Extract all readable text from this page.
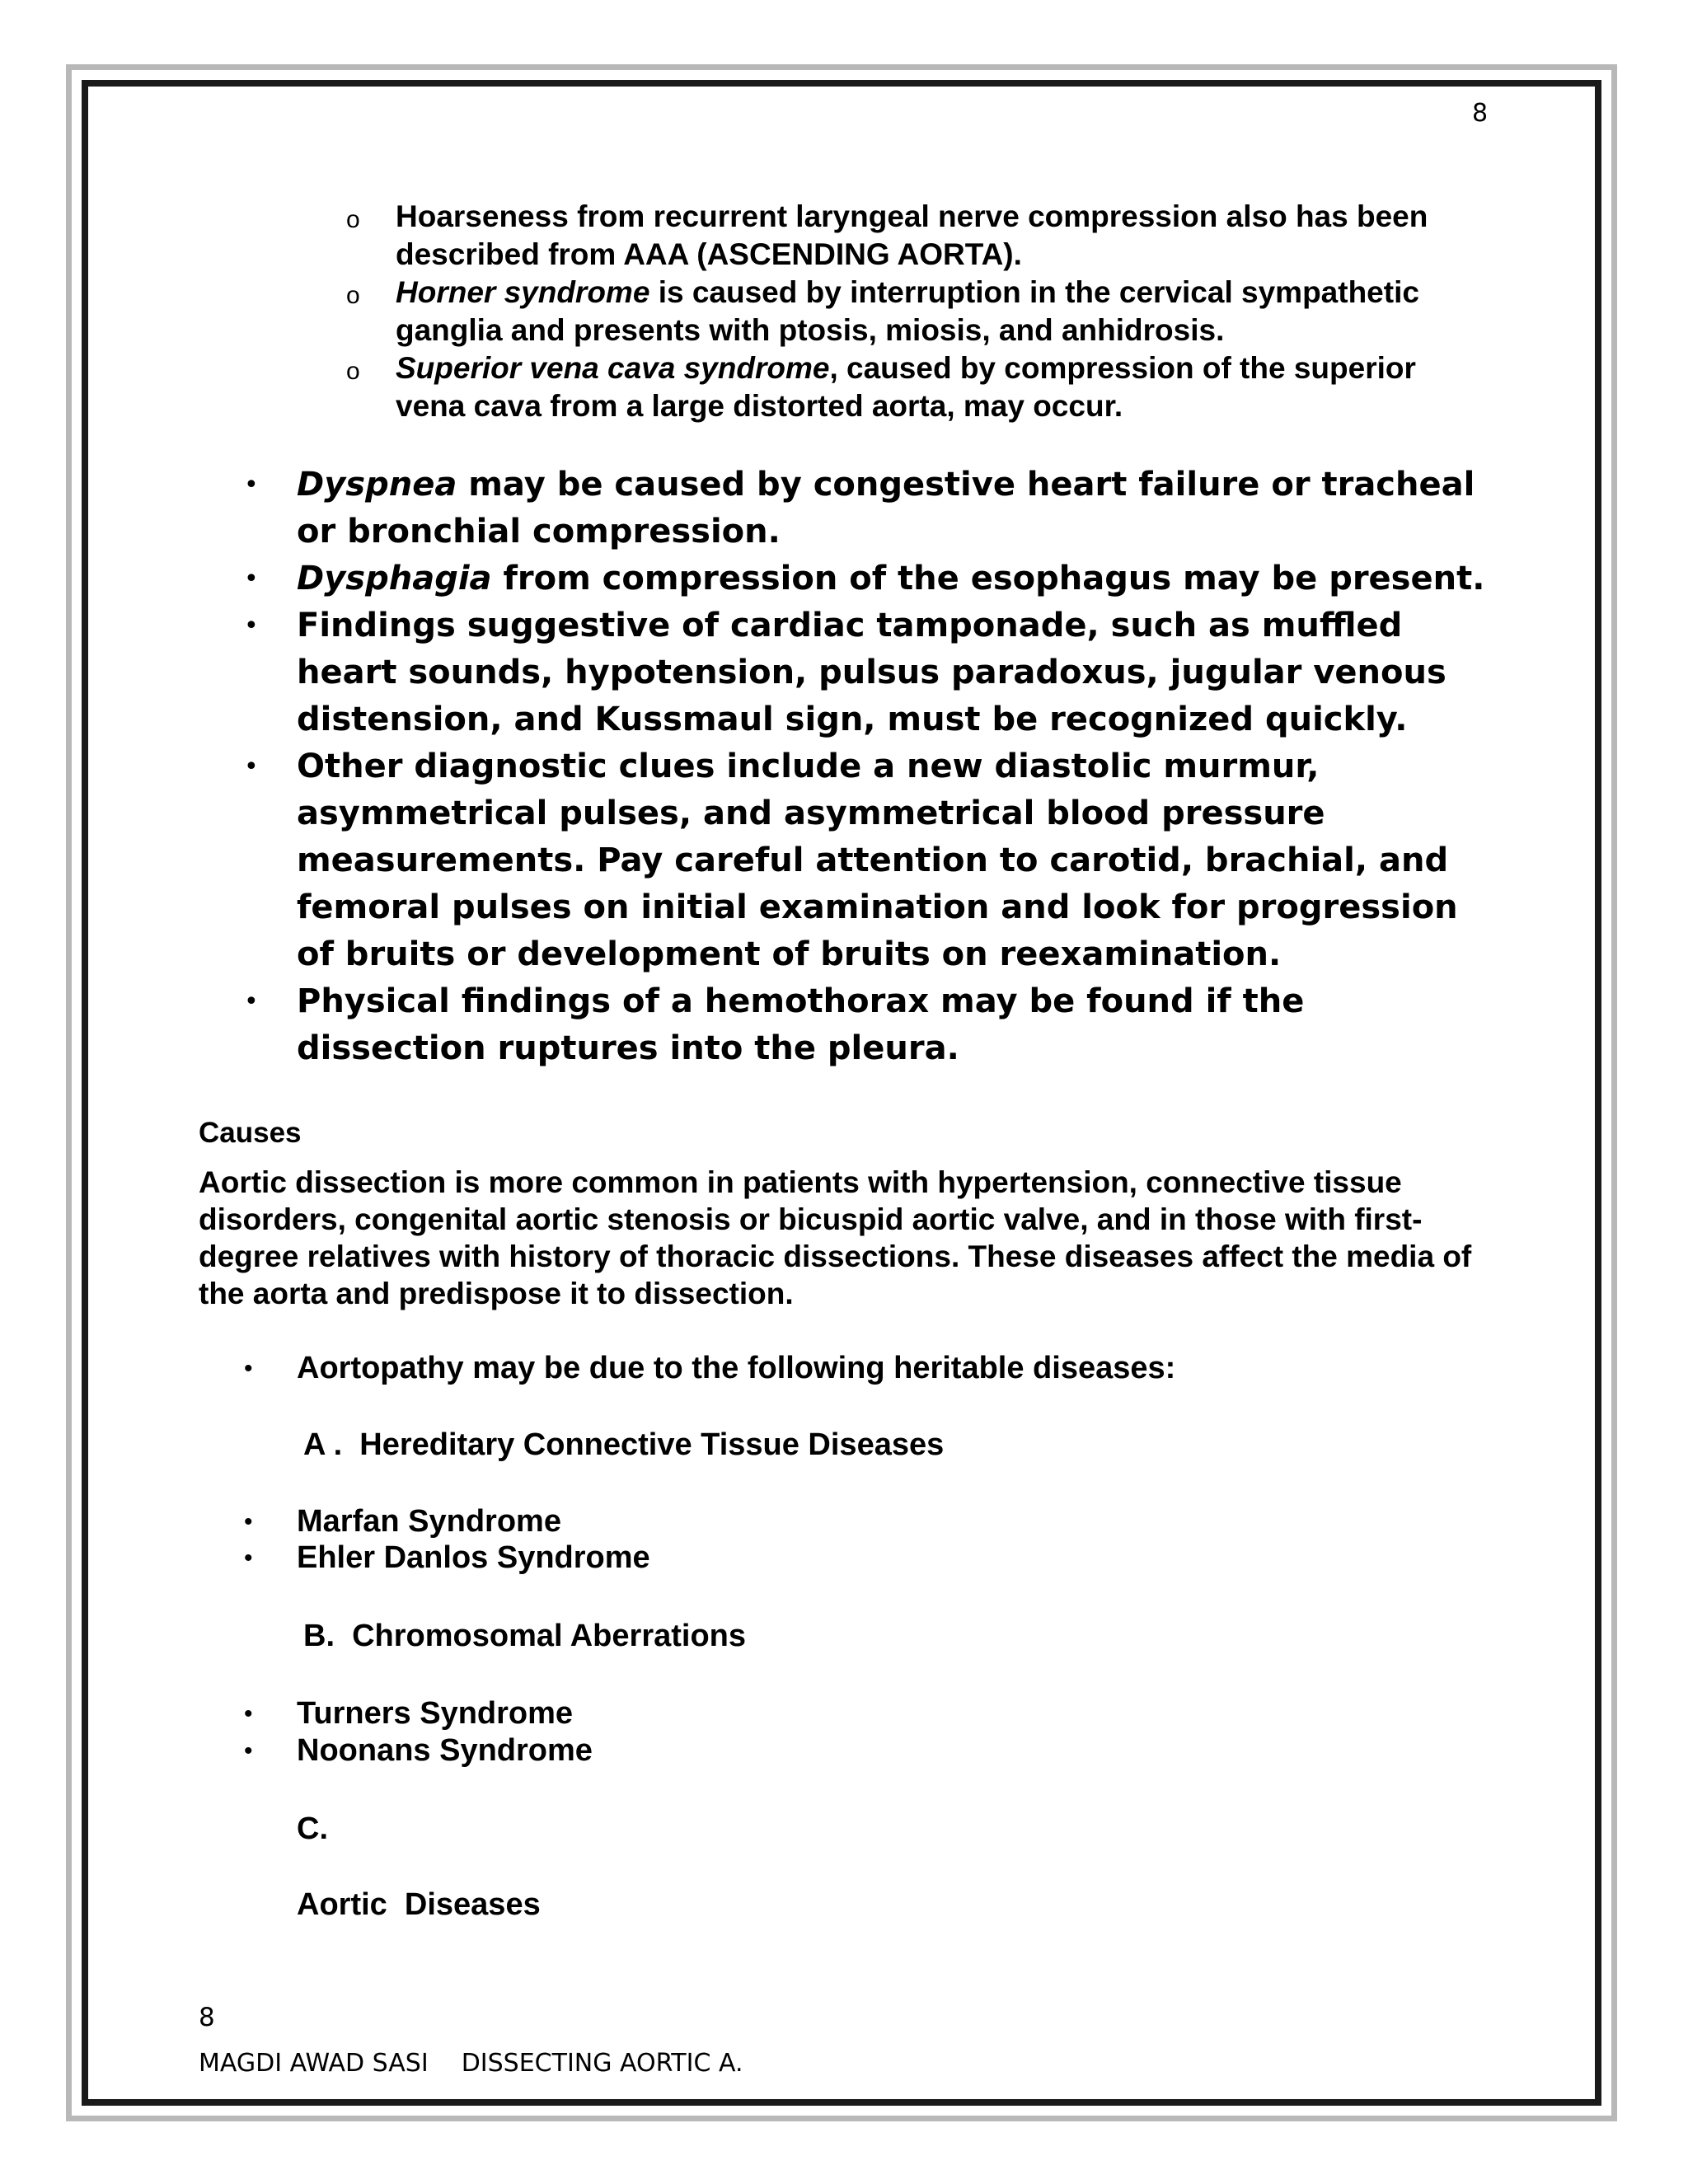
8
o Hoarseness from recurrent laryngeal nerve compression also has been described from AAA (ASCENDING AORTA).
o Horner syndrome is caused by interruption in the cervical sympathetic ganglia and presents with ptosis, miosis, and anhidrosis.
o Superior vena cava syndrome, caused by compression of the superior vena cava from a large distorted aorta, may occur.
• Dyspnea may be caused by congestive heart failure or tracheal or bronchial compression.
• Dysphagia from compression of the esophagus may be present.
• Findings suggestive of cardiac tamponade, such as muffled heart sounds, hypotension, pulsus paradoxus, jugular venous distension, and Kussmaul sign, must be recognized quickly.
• Other diagnostic clues include a new diastolic murmur, asymmetrical pulses, and asymmetrical blood pressure measurements. Pay careful attention to carotid, brachial, and femoral pulses on initial examination and look for progression of bruits or development of bruits on reexamination.
• Physical findings of a hemothorax may be found if the dissection ruptures into the pleura.
Causes
Aortic dissection is more common in patients with hypertension, connective tissue disorders, congenital aortic stenosis or bicuspid aortic valve, and in those with first-degree relatives with history of thoracic dissections. These diseases affect the media of the aorta and predispose it to dissection.
• Aortopathy may be due to the following heritable diseases:
A .  Hereditary Connective Tissue Diseases
• Marfan Syndrome
• Ehler Danlos Syndrome
B.  Chromosomal Aberrations
• Turners Syndrome
• Noonans Syndrome
C.
Aortic  Diseases
8
MAGDI AWAD SASI DISSECTING AORTIC A.
